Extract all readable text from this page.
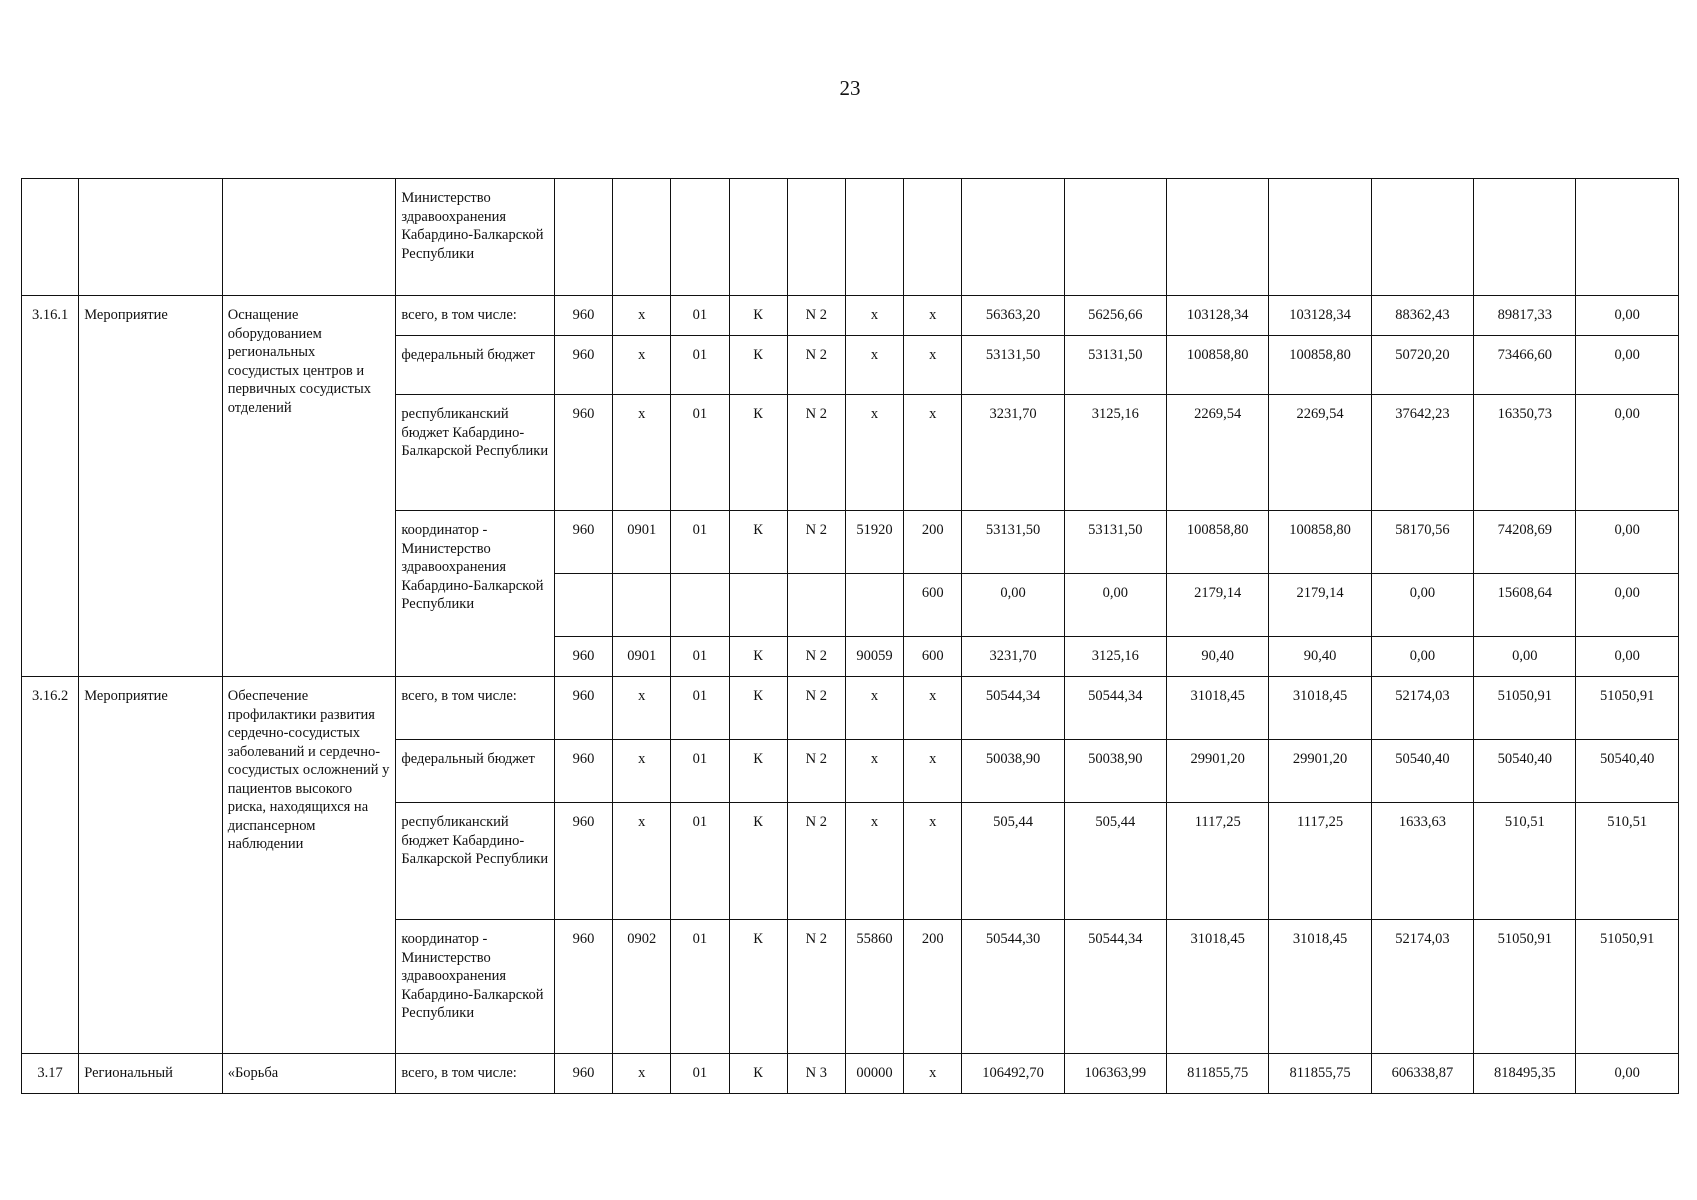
23
			Министерство здравоохранения Кабардино-Балкарской Республики														
3.16.1	Мероприятие	Оснащение оборудованием региональных сосудистых центров и первичных сосудистых отделений	всего, в том числе:	960	x	01	К	N 2	x	x	56363,20	56256,66	103128,34	103128,34	88362,43	89817,33	0,00
			федеральный бюджет	960	x	01	К	N 2	x	x	53131,50	53131,50	100858,80	100858,80	50720,20	73466,60	0,00
			республиканский бюджет Кабардино-Балкарской Республики	960	x	01	К	N 2	x	x	3231,70	3125,16	2269,54	2269,54	37642,23	16350,73	0,00
			координатор - Министерство здравоохранения Кабардино-Балкарской Республики	960	0901	01	К	N 2	51920	200	53131,50	53131,50	100858,80	100858,80	58170,56	74208,69	0,00
										600	0,00	0,00	2179,14	2179,14	0,00	15608,64	0,00
				960	0901	01	К	N 2	90059	600	3231,70	3125,16	90,40	90,40	0,00	0,00	0,00
3.16.2	Мероприятие	Обеспечение профилактики развития сердечно-сосудистых заболеваний и сердечно-сосудистых осложнений у пациентов высокого риска, находящихся на диспансерном наблюдении	всего, в том числе:	960	x	01	К	N 2	x	x	50544,34	50544,34	31018,45	31018,45	52174,03	51050,91	51050,91
			федеральный бюджет	960	x	01	К	N 2	x	x	50038,90	50038,90	29901,20	29901,20	50540,40	50540,40	50540,40
			республиканский бюджет Кабардино-Балкарской Республики	960	x	01	К	N 2	x	x	505,44	505,44	1117,25	1117,25	1633,63	510,51	510,51
			координатор - Министерство здравоохранения Кабардино-Балкарской Республики	960	0902	01	К	N 2	55860	200	50544,30	50544,34	31018,45	31018,45	52174,03	51050,91	51050,91
3.17	Региональный	«Борьба	всего, в том числе:	960	x	01	К	N 3	00000	x	106492,70	106363,99	811855,75	811855,75	606338,87	818495,35	0,00
